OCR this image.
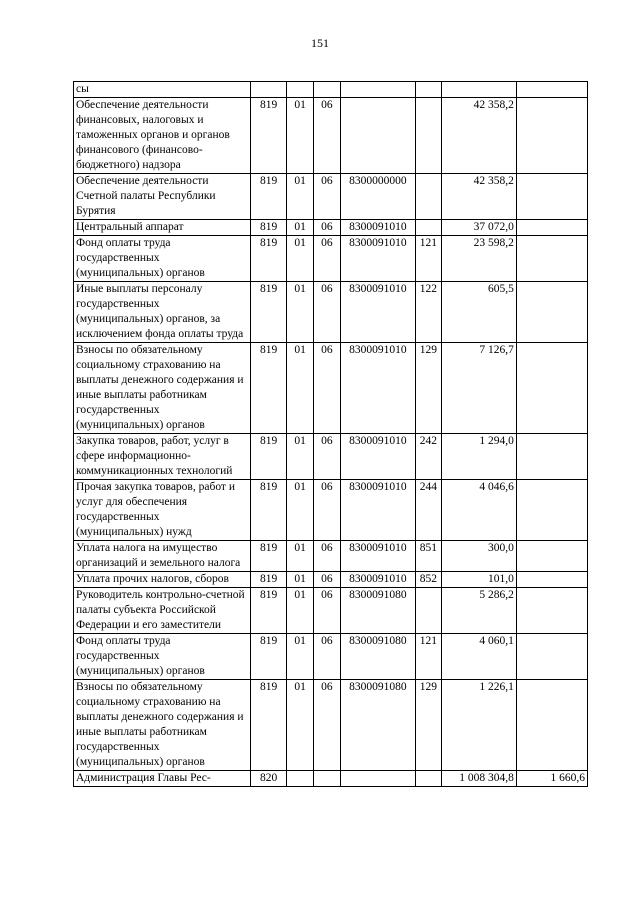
151
сы							
Обеспечение деятельности финансовых, налоговых и таможенных органов и органов финансового (финансово-бюджетного) надзора	819	01	06			42 358,2	
Обеспечение деятельности Счетной палаты Республики Бурятия	819	01	06	8300000000		42 358,2	
Центральный аппарат	819	01	06	8300091010		37 072,0	
Фонд оплаты труда государственных (муниципальных) органов	819	01	06	8300091010	121	23 598,2	
Иные выплаты персоналу государственных (муниципальных) органов, за исключением фонда оплаты труда	819	01	06	8300091010	122	605,5	
Взносы по обязательному социальному страхованию на выплаты денежного содержания и иные выплаты работникам государственных (муниципальных) органов	819	01	06	8300091010	129	7 126,7	
Закупка товаров, работ, услуг в сфере информационно-коммуникационных технологий	819	01	06	8300091010	242	1 294,0	
Прочая закупка товаров, работ и услуг для обеспечения государственных (муниципальных) нужд	819	01	06	8300091010	244	4 046,6	
Уплата налога на имущество организаций и земельного налога	819	01	06	8300091010	851	300,0	
Уплата прочих налогов, сборов	819	01	06	8300091010	852	101,0	
Руководитель контрольно-счетной палаты субъекта Российской Федерации и его заместители	819	01	06	8300091080		5 286,2	
Фонд оплаты труда государственных (муниципальных) органов	819	01	06	8300091080	121	4 060,1	
Взносы по обязательному социальному страхованию на выплаты денежного содержания и иные выплаты работникам государственных (муниципальных) органов	819	01	06	8300091080	129	1 226,1	
Администрация Главы Рес-	820					1 008 304,8	1 660,6
